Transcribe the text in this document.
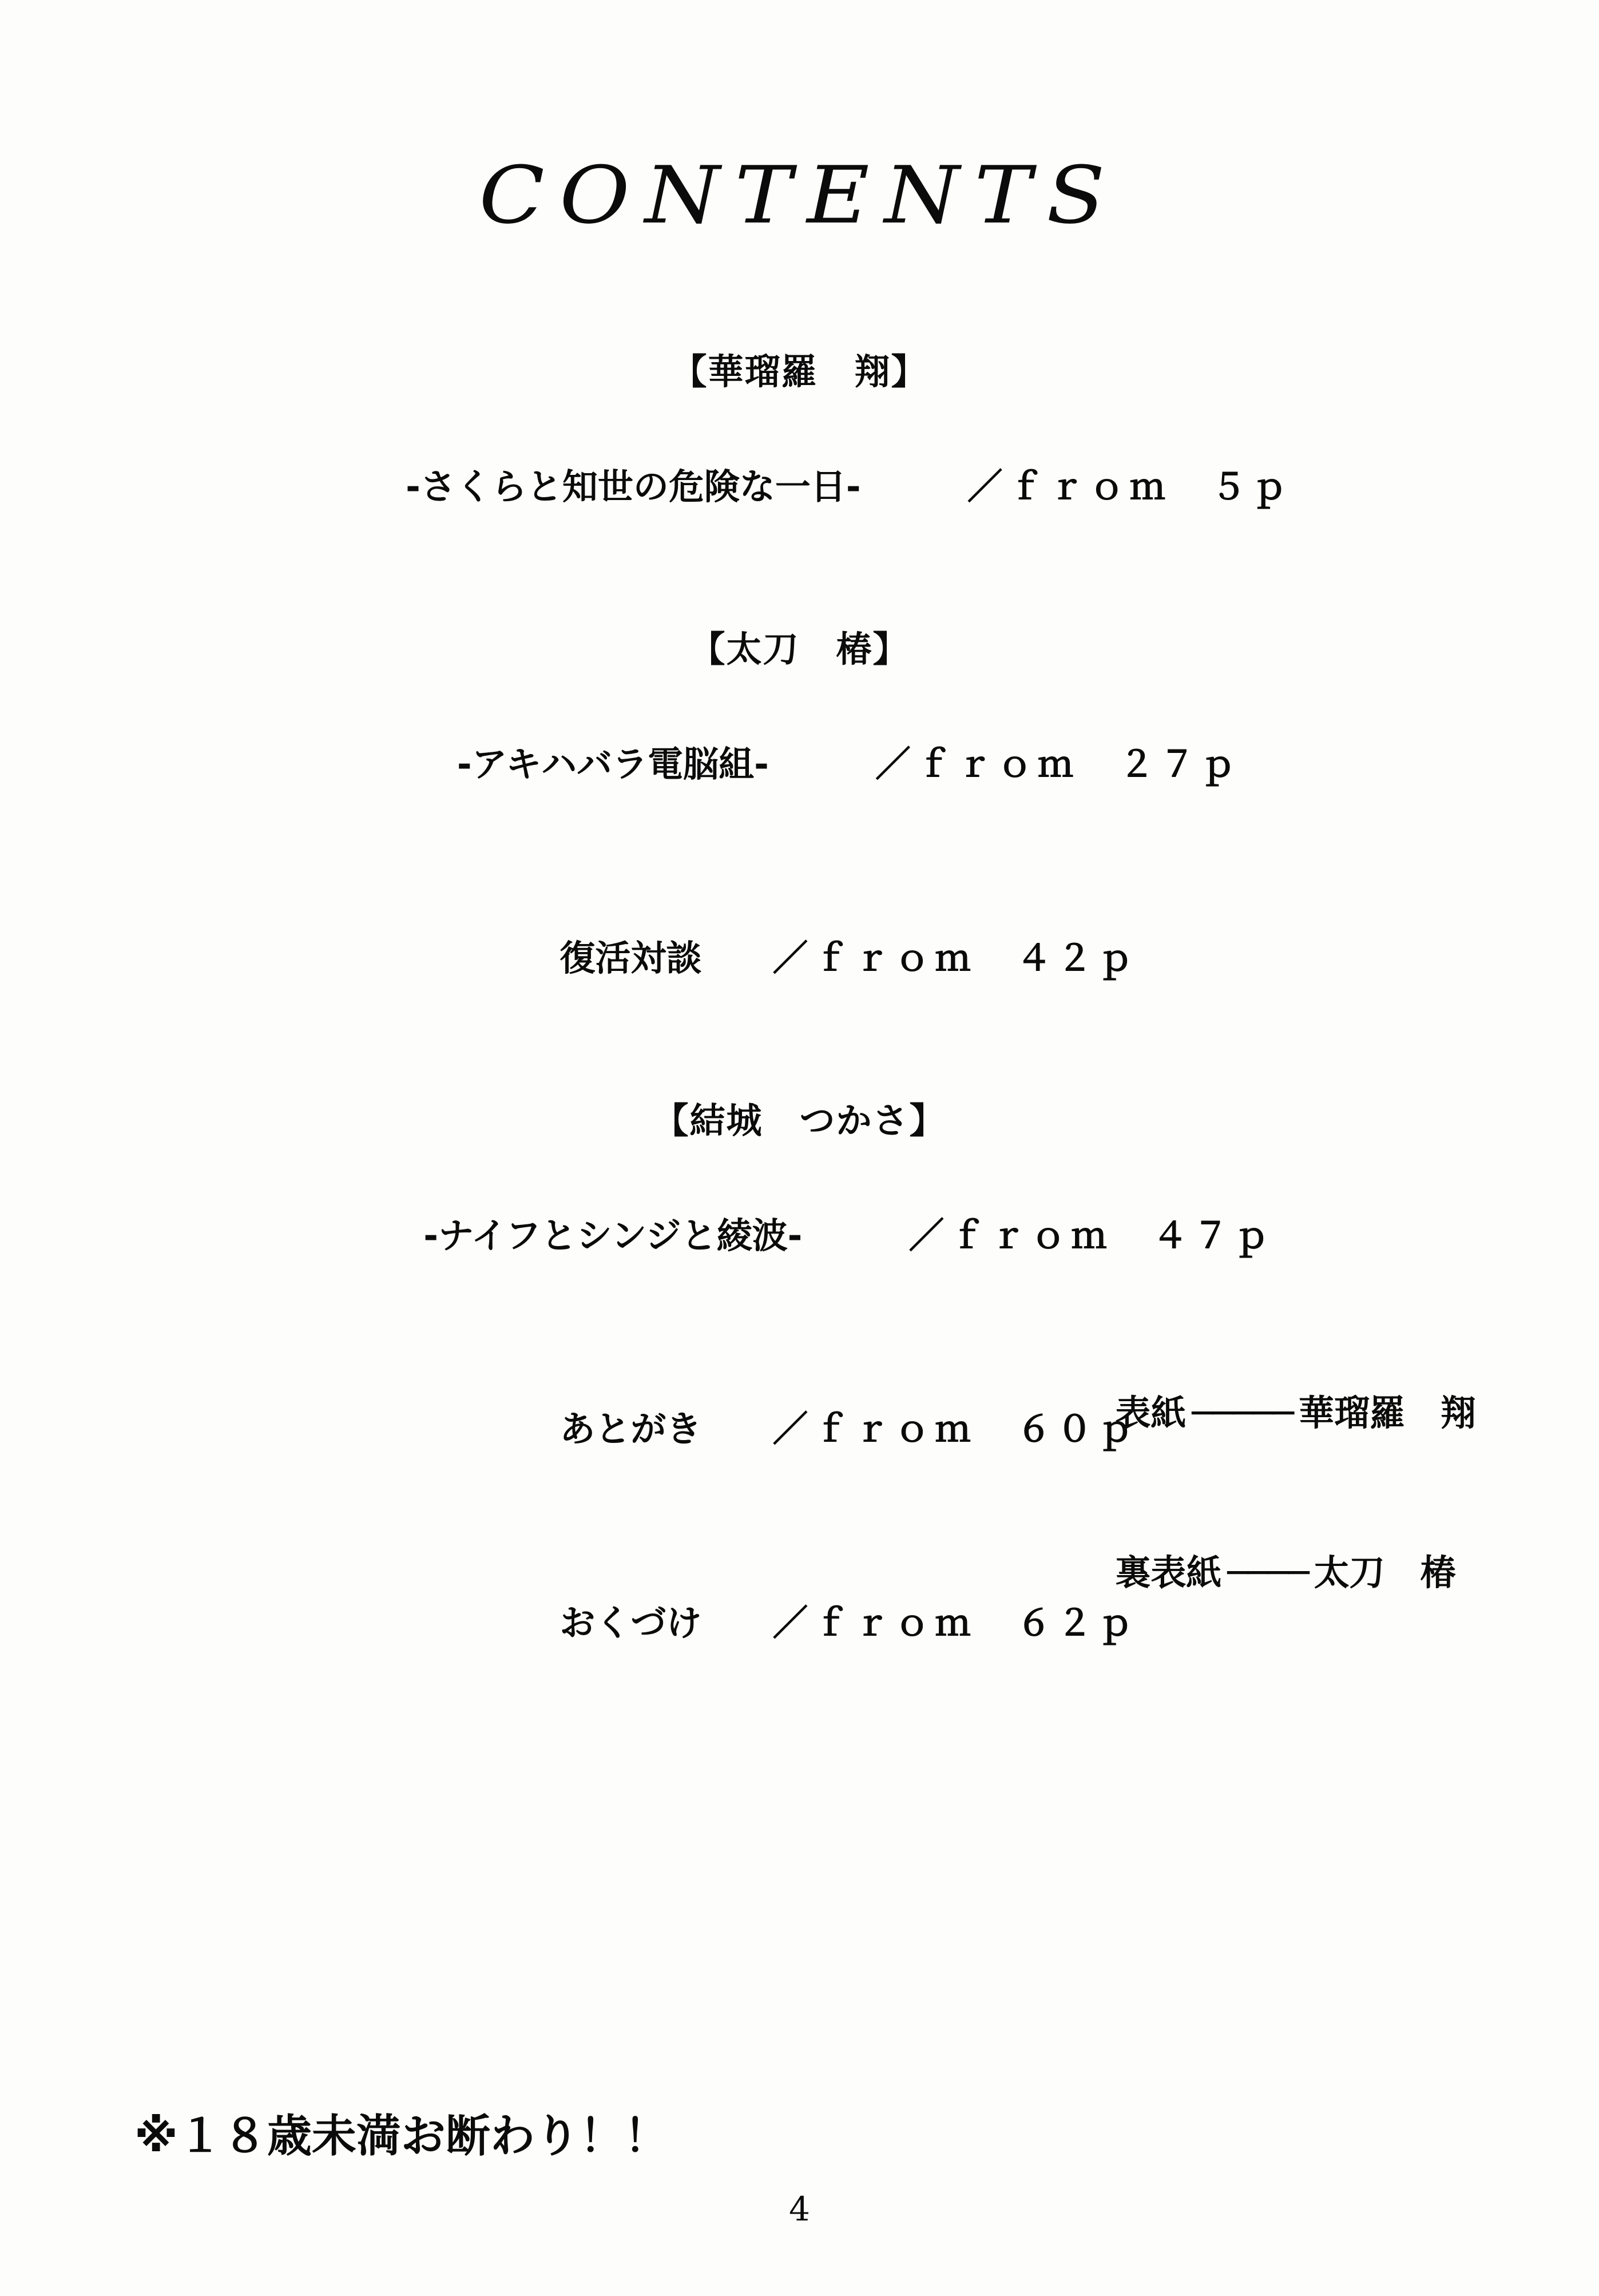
CONTENTS
【華瑠羅　翔】

‐さくらと知世の危険な一日‐　　　	／ｆｒｏｍ　５ｐ

【太刀　椿】

‐アキハバラ電脳組‐　　　	／ｆｒｏｍ　２７ｐ

復活対談　　 ／ｆｒｏｍ　４２ｐ

【結城　つかさ】

‐ナイフとシンジと綾波‐　　　	／ｆｒｏｍ　４７ｐ

あとがき　　 ／ｆｒｏｍ　６０ｐ

おくづけ　　 ／ｆｒｏｍ　６２ｐ

表紙 ───── 華瑠羅　翔

裏表紙 ──── 太刀　椿

※１８歳未満お断わり！！
4
